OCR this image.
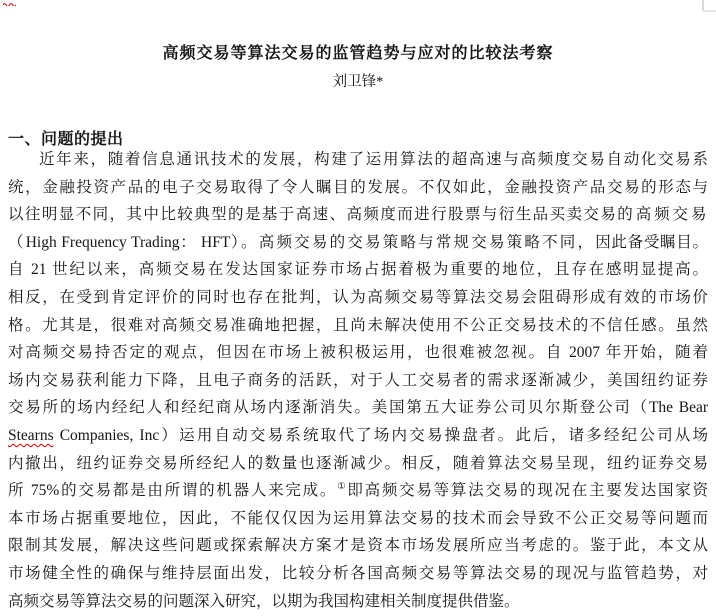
高频交易等算法交易的监管趋势与应对的比较法考察
刘卫锋*
一、问题的提出
近年来，随着信息通讯技术的发展，构建了运用算法的超高速与高频度交易自动化交易系
统，金融投资产品的电子交易取得了令人瞩目的发展。不仅如此，金融投资产品交易的形态与
以往明显不同，其中比较典型的是基于高速、高频度而进行股票与衍生品买卖交易的高频交易
（High Frequency Trading： HFT）。高频交易的交易策略与常规交易策略不同，因此备受瞩目。
自 21 世纪以来，高频交易在发达国家证券市场占据着极为重要的地位，且存在感明显提高。
相反，在受到肯定评价的同时也存在批判，认为高频交易等算法交易会阻碍形成有效的市场价
格。尤其是，很难对高频交易准确地把握，且尚未解决使用不公正交易技术的不信任感。虽然
对高频交易持否定的观点，但因在市场上被积极运用，也很难被忽视。自 2007 年开始，随着
场内交易获利能力下降，且电子商务的活跃，对于人工交易者的需求逐渐减少，美国纽约证券
交易所的场内经纪人和经纪商从场内逐渐消失。美国第五大证券公司贝尔斯登公司（The Bear
Stearns Companies, Inc）运用自动交易系统取代了场内交易操盘者。此后，诸多经纪公司从场
内撤出，纽约证券交易所经纪人的数量也逐渐减少。相反，随着算法交易呈现，纽约证券交易
所 75%的交易都是由所谓的机器人来完成。①即高频交易等算法交易的现况在主要发达国家资
本市场占据重要地位，因此，不能仅仅因为运用算法交易的技术而会导致不公正交易等问题而
限制其发展，解决这些问题或探索解决方案才是资本市场发展所应当考虑的。鉴于此，本文从
市场健全性的确保与维持层面出发，比较分析各国高频交易等算法交易的现况与监管趋势，对
高频交易等算法交易的问题深入研究，以期为我国构建相关制度提供借鉴。
